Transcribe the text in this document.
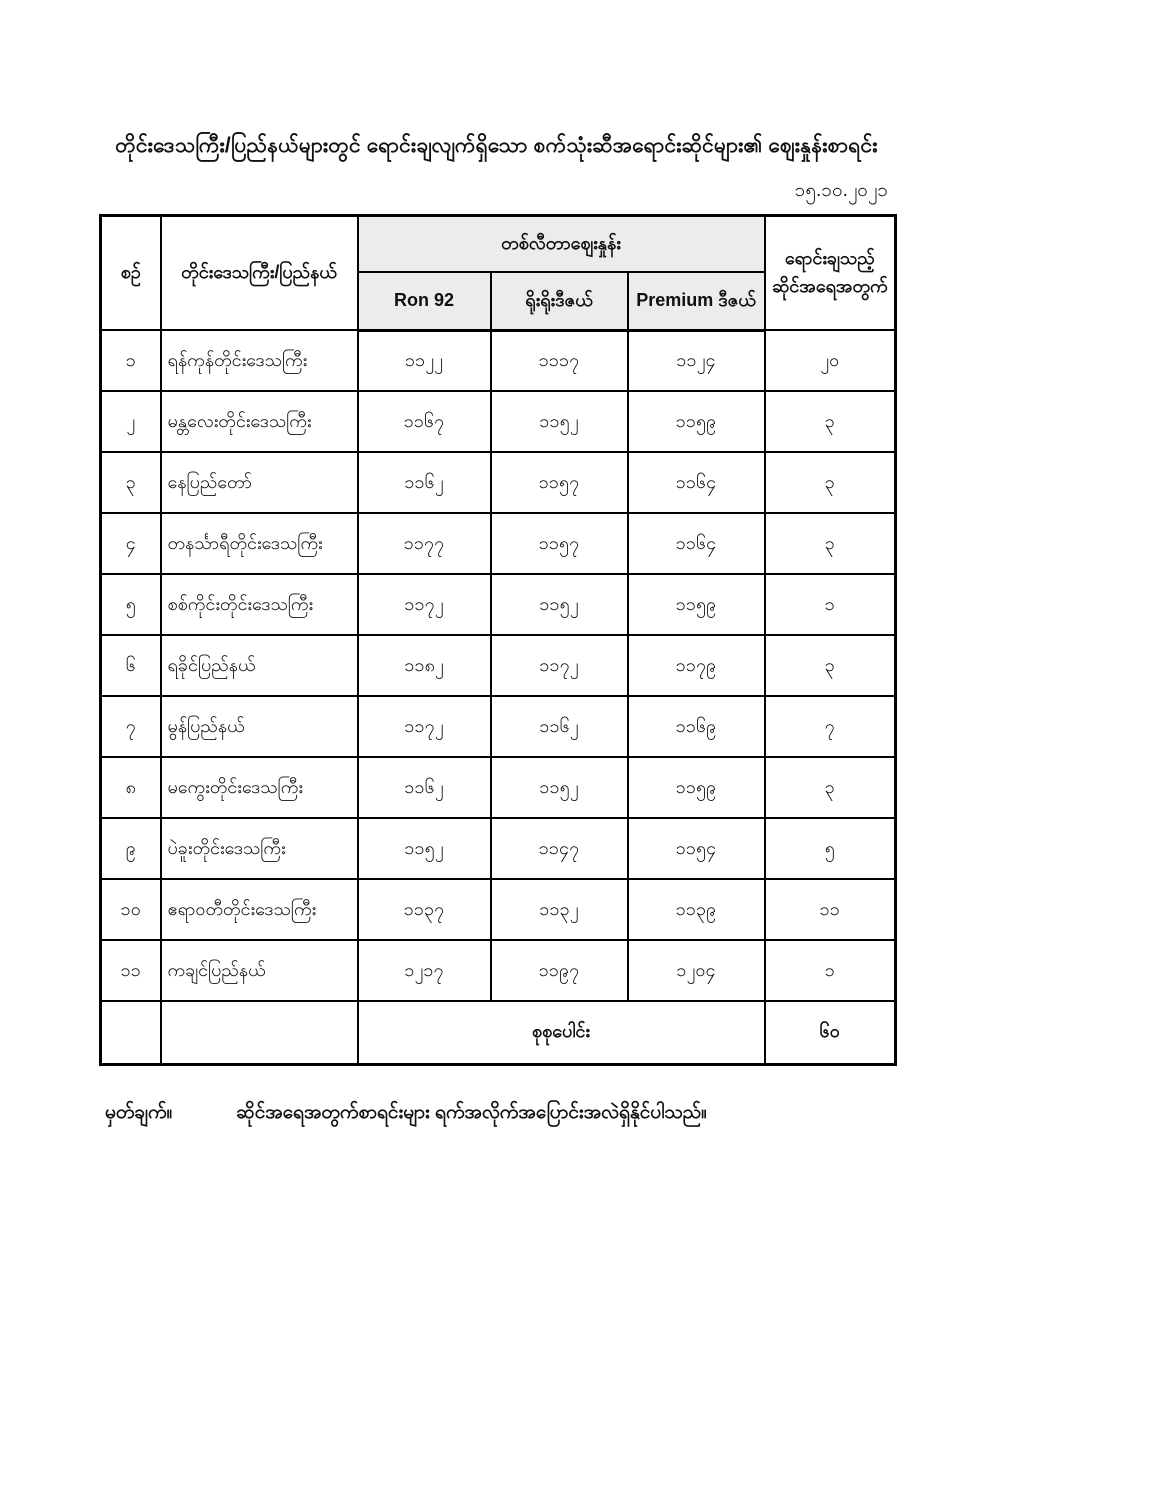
တိုင်းဒေသကြီး/ပြည်နယ်များတွင် ရောင်းချလျက်ရှိသော စက်သုံးဆီအရောင်းဆိုင်များ၏ ဈေးနှုန်းစာရင်း
၁၅.၁၀.၂၀၂၁
စဉ်	တိုင်းဒေသကြီး/ပြည်နယ်	တစ်လီတာဈေးနှုန်း			ရောင်းချသည့်
ဆိုင်အရေအတွက်

		Ron 92	ရိုးရိုးဒီဇယ်	Premium ဒီဇယ်	
၁	ရန်ကုန်တိုင်းဒေသကြီး	၁၁၂၂	၁၁၁၇	၁၁၂၄	၂၀
၂	မန္တလေးတိုင်းဒေသကြီး	၁၁၆၇	၁၁၅၂	၁၁၅၉	၃
၃	နေပြည်တော်	၁၁၆၂	၁၁၅၇	၁၁၆၄	၃
၄	တနင်္သာရီတိုင်းဒေသကြီး	၁၁၇၇	၁၁၅၇	၁၁၆၄	၃
၅	စစ်ကိုင်းတိုင်းဒေသကြီး	၁၁၇၂	၁၁၅၂	၁၁၅၉	၁
၆	ရခိုင်ပြည်နယ်	၁၁၈၂	၁၁၇၂	၁၁၇၉	၃
၇	မွန်ပြည်နယ်	၁၁၇၂	၁၁၆၂	၁၁၆၉	၇
၈	မကွေးတိုင်းဒေသကြီး	၁၁၆၂	၁၁၅၂	၁၁၅၉	၃
၉	ပဲခူးတိုင်းဒေသကြီး	၁၁၅၂	၁၁၄၇	၁၁၅၄	၅
၁၀	ဧရာဝတီတိုင်းဒေသကြီး	၁၁၃၇	၁၁၃၂	၁၁၃၉	၁၁
၁၁	ကချင်ပြည်နယ်	၁၂၁၇	၁၁၉၇	၁၂၀၄	၁
		စုစုပေါင်း			၆၀
မှတ်ချက်။	ဆိုင်အရေအတွက်စာရင်းများ ရက်အလိုက်အပြောင်းအလဲရှိနိုင်ပါသည်။
